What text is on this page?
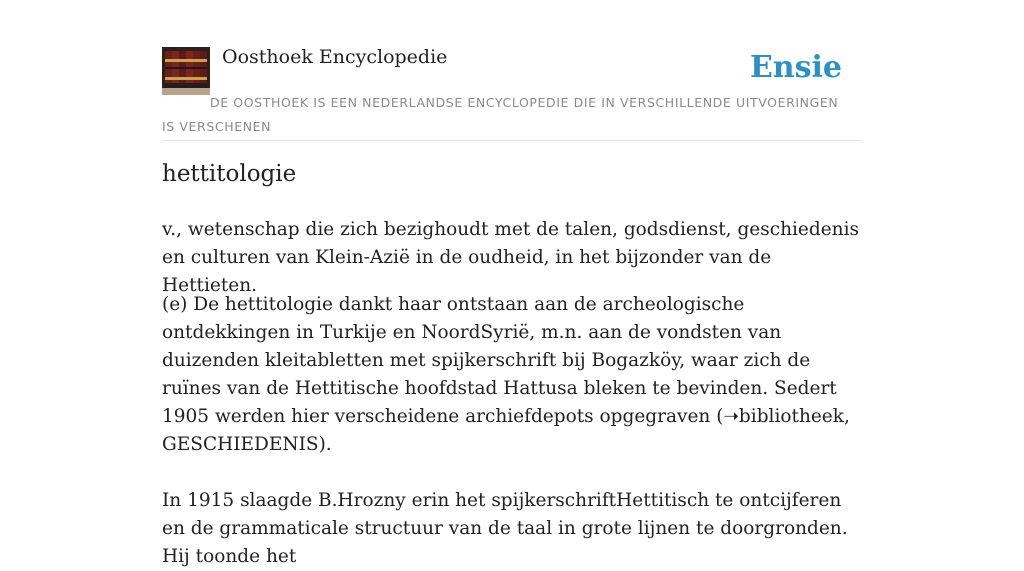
Oosthoek Encyclopedie	Ensie
DE OOSTHOEK IS EEN NEDERLANDSE ENCYCLOPEDIE DIE IN VERSCHILLENDE UITVOERINGEN IS VERSCHENEN
hettitologie

v., wetenschap die zich bezighoudt met de talen, godsdienst, geschiedenis en culturen van Klein-Azië in de oudheid, in het bijzonder van de Hettieten.

(e) De hettitologie dankt haar ontstaan aan de archeologische ontdekkingen in Turkije en NoordSyrië, m.n. aan de vondsten van duizenden kleitabletten met spijkerschrift bij Bogazköy, waar zich de ruïnes van de Hettitische hoofdstad Hattusa bleken te bevinden. Sedert 1905 werden hier verscheidene archiefdepots opgegraven (➝bibliotheek, GESCHIEDENIS).

In 1915 slaagde B.Hrozny erin het spijkerschriftHettitisch te ontcijferen en de grammaticale structuur van de taal in grote lijnen te doorgronden. Hij toonde het
